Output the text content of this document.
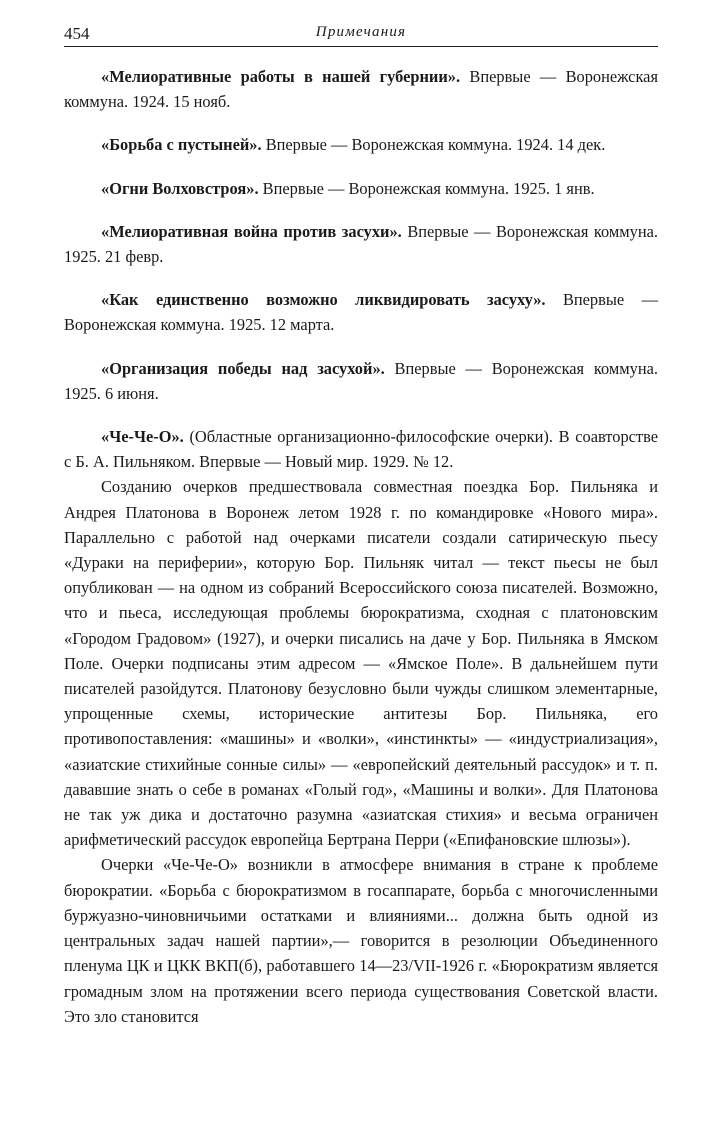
454	Примечания

«Мелиоративные работы в нашей губернии». Впервые — Воронежская коммуна. 1924. 15 нояб.

«Борьба с пустыней». Впервые — Воронежская коммуна. 1924. 14 дек.

«Огни Волховстроя». Впервые — Воронежская коммуна. 1925. 1 янв.

«Мелиоративная война против засухи». Впервые — Воронежская коммуна. 1925. 21 февр.

«Как единственно возможно ликвидировать засуху». Впервые — Воронежская коммуна. 1925. 12 марта.

«Организация победы над засухой». Впервые — Воронежская коммуна. 1925. 6 июня.

«Че-Че-О». (Областные организационно-философские очерки). В соавторстве с Б. А. Пильняком. Впервые — Новый мир. 1929. № 12.

Созданию очерков предшествовала совместная поездка Бор. Пильняка и Андрея Платонова в Воронеж летом 1928 г. по командировке «Нового мира». Параллельно с работой над очерками писатели создали сатирическую пьесу «Дураки на периферии», которую Бор. Пильняк читал — текст пьесы не был опубликован — на одном из собраний Всероссийского союза писателей. Возможно, что и пьеса, исследующая проблемы бюрократизма, сходная с платоновским «Городом Градовом» (1927), и очерки писались на даче у Бор. Пильняка в Ямском Поле. Очерки подписаны этим адресом — «Ямское Поле». В дальнейшем пути писателей разойдутся. Платонову безусловно были чужды слишком элементарные, упрощенные схемы, исторические антитезы Бор. Пильняка, его противопоставления: «машины» и «волки», «инстинкты» — «индустриализация», «азиатские стихийные сонные силы» — «европейский деятельный рассудок» и т. п. дававшие знать о себе в романах «Голый год», «Машины и волки». Для Платонова не так уж дика и достаточно разумна «азиатская стихия» и весьма ограничен арифметический рассудок европейца Бертрана Перри («Епифановские шлюзы»).

Очерки «Че-Че-О» возникли в атмосфере внимания в стране к проблеме бюрократии. «Борьба с бюрократизмом в госаппарате, борьба с многочисленными буржуазно-чиновничьими остатками и влияниями... должна быть одной из центральных задач нашей партии»,— говорится в резолюции Объединенного пленума ЦК и ЦКК ВКП(б), работавшего 14—23/VII-1926 г. «Бюрократизм является громадным злом на протяжении всего периода существования Советской власти. Это зло становится
